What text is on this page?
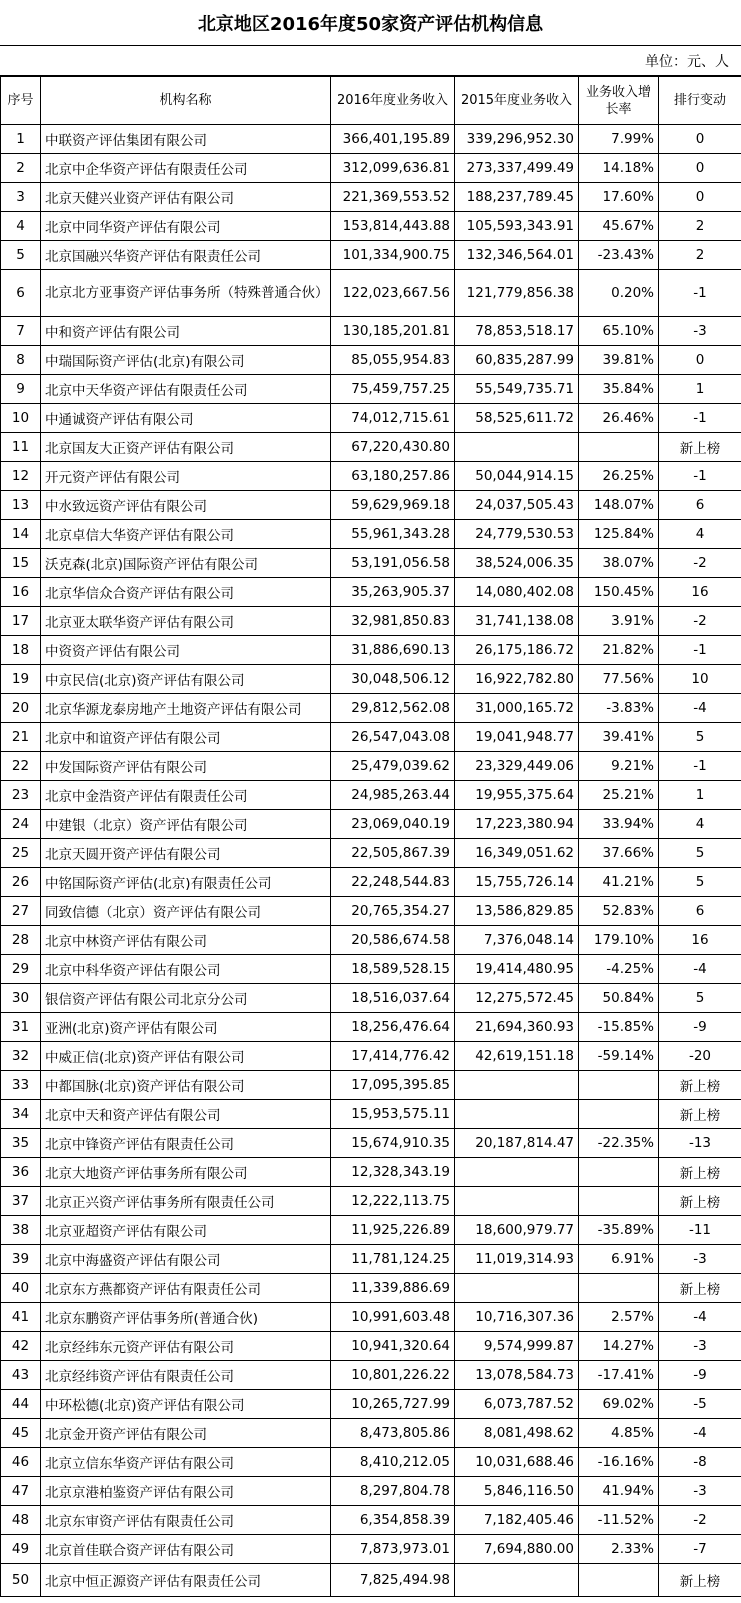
北京地区2016年度50家资产评估机构信息
单位：元、人
序号	机构名称	2016年度业务收入	2015年度业务收入	业务收入增长率	排行变动
1	中联资产评估集团有限公司	366,401,195.89	339,296,952.30	7.99%	0
2	北京中企华资产评估有限责任公司	312,099,636.81	273,337,499.49	14.18%	0
3	北京天健兴业资产评估有限公司	221,369,553.52	188,237,789.45	17.60%	0
4	北京中同华资产评估有限公司	153,814,443.88	105,593,343.91	45.67%	2
5	北京国融兴华资产评估有限责任公司	101,334,900.75	132,346,564.01	-23.43%	2
6	北京北方亚事资产评估事务所（特殊普通合伙）	122,023,667.56	121,779,856.38	0.20%	-1
7	中和资产评估有限公司	130,185,201.81	78,853,518.17	65.10%	-3
8	中瑞国际资产评估(北京)有限公司	85,055,954.83	60,835,287.99	39.81%	0
9	北京中天华资产评估有限责任公司	75,459,757.25	55,549,735.71	35.84%	1
10	中通诚资产评估有限公司	74,012,715.61	58,525,611.72	26.46%	-1
11	北京国友大正资产评估有限公司	67,220,430.80			新上榜
12	开元资产评估有限公司	63,180,257.86	50,044,914.15	26.25%	-1
13	中水致远资产评估有限公司	59,629,969.18	24,037,505.43	148.07%	6
14	北京卓信大华资产评估有限公司	55,961,343.28	24,779,530.53	125.84%	4
15	沃克森(北京)国际资产评估有限公司	53,191,056.58	38,524,006.35	38.07%	-2
16	北京华信众合资产评估有限公司	35,263,905.37	14,080,402.08	150.45%	16
17	北京亚太联华资产评估有限公司	32,981,850.83	31,741,138.08	3.91%	-2
18	中资资产评估有限公司	31,886,690.13	26,175,186.72	21.82%	-1
19	中京民信(北京)资产评估有限公司	30,048,506.12	16,922,782.80	77.56%	10
20	北京华源龙泰房地产土地资产评估有限公司	29,812,562.08	31,000,165.72	-3.83%	-4
21	北京中和谊资产评估有限公司	26,547,043.08	19,041,948.77	39.41%	5
22	中发国际资产评估有限公司	25,479,039.62	23,329,449.06	9.21%	-1
23	北京中金浩资产评估有限责任公司	24,985,263.44	19,955,375.64	25.21%	1
24	中建银（北京）资产评估有限公司	23,069,040.19	17,223,380.94	33.94%	4
25	北京天圆开资产评估有限公司	22,505,867.39	16,349,051.62	37.66%	5
26	中铭国际资产评估(北京)有限责任公司	22,248,544.83	15,755,726.14	41.21%	5
27	同致信德（北京）资产评估有限公司	20,765,354.27	13,586,829.85	52.83%	6
28	北京中林资产评估有限公司	20,586,674.58	7,376,048.14	179.10%	16
29	北京中科华资产评估有限公司	18,589,528.15	19,414,480.95	-4.25%	-4
30	银信资产评估有限公司北京分公司	18,516,037.64	12,275,572.45	50.84%	5
31	亚洲(北京)资产评估有限公司	18,256,476.64	21,694,360.93	-15.85%	-9
32	中威正信(北京)资产评估有限公司	17,414,776.42	42,619,151.18	-59.14%	-20
33	中都国脉(北京)资产评估有限公司	17,095,395.85			新上榜
34	北京中天和资产评估有限公司	15,953,575.11			新上榜
35	北京中锋资产评估有限责任公司	15,674,910.35	20,187,814.47	-22.35%	-13
36	北京大地资产评估事务所有限公司	12,328,343.19			新上榜
37	北京正兴资产评估事务所有限责任公司	12,222,113.75			新上榜
38	北京亚超资产评估有限公司	11,925,226.89	18,600,979.77	-35.89%	-11
39	北京中海盛资产评估有限公司	11,781,124.25	11,019,314.93	6.91%	-3
40	北京东方燕都资产评估有限责任公司	11,339,886.69			新上榜
41	北京东鹏资产评估事务所(普通合伙)	10,991,603.48	10,716,307.36	2.57%	-4
42	北京经纬东元资产评估有限公司	10,941,320.64	9,574,999.87	14.27%	-3
43	北京经纬资产评估有限责任公司	10,801,226.22	13,078,584.73	-17.41%	-9
44	中环松德(北京)资产评估有限公司	10,265,727.99	6,073,787.52	69.02%	-5
45	北京金开资产评估有限公司	8,473,805.86	8,081,498.62	4.85%	-4
46	北京立信东华资产评估有限公司	8,410,212.05	10,031,688.46	-16.16%	-8
47	北京京港柏鉴资产评估有限公司	8,297,804.78	5,846,116.50	41.94%	-3
48	北京东审资产评估有限责任公司	6,354,858.39	7,182,405.46	-11.52%	-2
49	北京首佳联合资产评估有限公司	7,873,973.01	7,694,880.00	2.33%	-7
50	北京中恒正源资产评估有限责任公司	7,825,494.98			新上榜
